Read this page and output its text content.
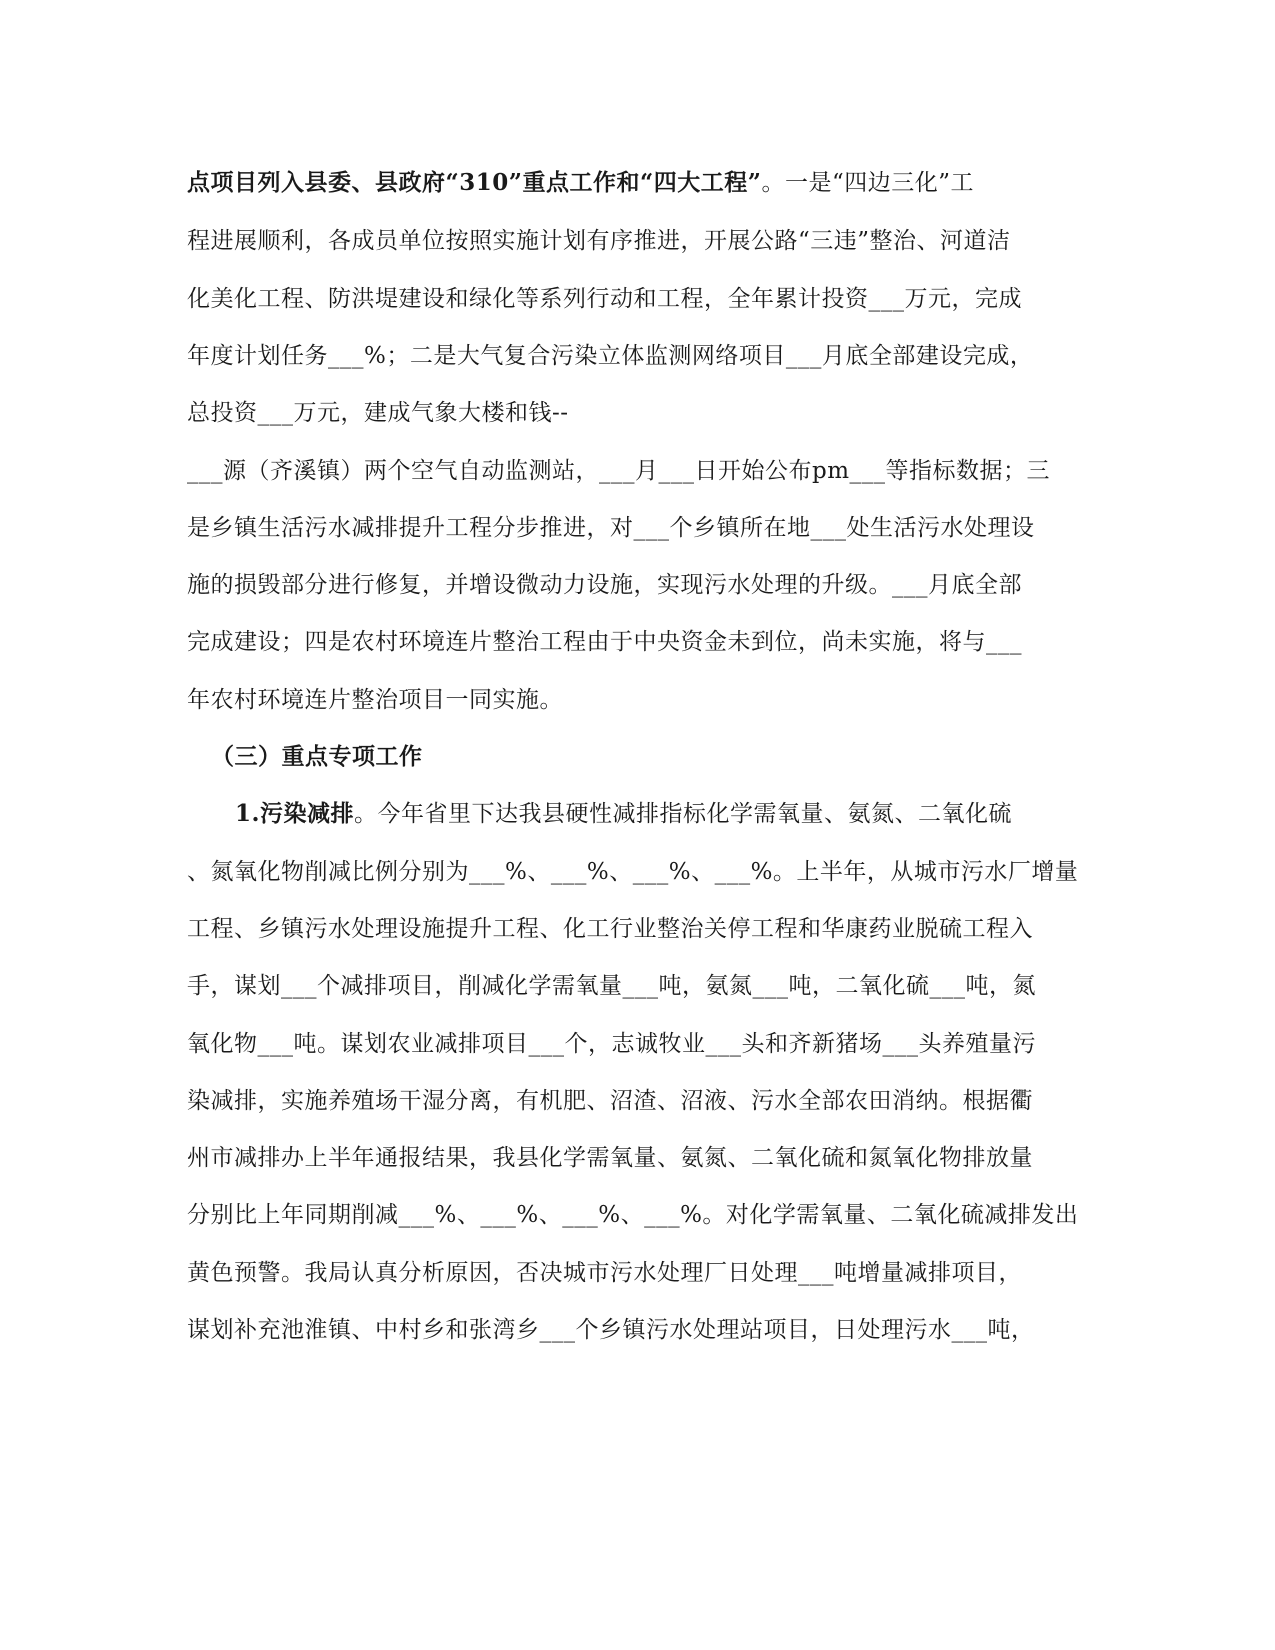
点项目列入县委、县政府“310”重点工作和“四大工程”。一是“四边三化”工
程进展顺利，各成员单位按照实施计划有序推进，开展公路“三违”整治、河道洁
化美化工程、防洪堤建设和绿化等系列行动和工程，全年累计投资___万元，完成
年度计划任务___%；二是大气复合污染立体监测网络项目___月底全部建设完成，
总投资___万元，建成气象大楼和钱--
___源（齐溪镇）两个空气自动监测站，___月___日开始公布pm___等指标数据；三
是乡镇生活污水减排提升工程分步推进，对___个乡镇所在地___处生活污水处理设
施的损毁部分进行修复，并增设微动力设施，实现污水处理的升级。___月底全部
完成建设；四是农村环境连片整治工程由于中央资金未到位，尚未实施，将与___
年农村环境连片整治项目一同实施。
（三）重点专项工作
1.污染减排。今年省里下达我县硬性减排指标化学需氧量、氨氮、二氧化硫
、氮氧化物削减比例分别为___%、___%、___%、___%。上半年，从城市污水厂增量
工程、乡镇污水处理设施提升工程、化工行业整治关停工程和华康药业脱硫工程入
手，谋划___个减排项目，削减化学需氧量___吨，氨氮___吨，二氧化硫___吨，氮
氧化物___吨。谋划农业减排项目___个，志诚牧业___头和齐新猪场___头养殖量污
染减排，实施养殖场干湿分离，有机肥、沼渣、沼液、污水全部农田消纳。根据衢
州市减排办上半年通报结果，我县化学需氧量、氨氮、二氧化硫和氮氧化物排放量
分别比上年同期削减___%、___%、___%、___%。对化学需氧量、二氧化硫减排发出
黄色预警。我局认真分析原因，否决城市污水处理厂日处理___吨增量减排项目，
谋划补充池淮镇、中村乡和张湾乡___个乡镇污水处理站项目，日处理污水___吨，
